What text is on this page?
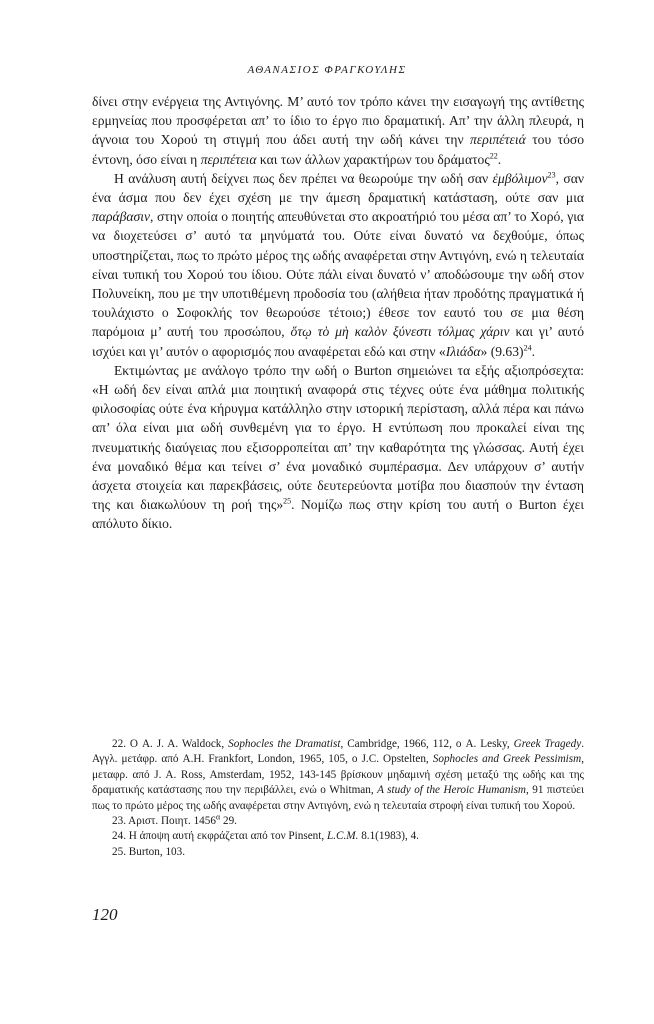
ΑΘΑΝΑΣΙΟΣ ΦΡΑΓΚΟΥΛΗΣ

δίνει στην ενέργεια της Αντιγόνης. Μ’ αυτό τον τρόπο κάνει την εισαγωγή της αντίθετης ερμηνείας που προσφέρεται απ’ το ίδιο το έργο πιο δραματική. Απ’ την άλλη πλευρά, η άγνοια του Χορού τη στιγμή που άδει αυτή την ωδή κάνει την περιπέτειά του τόσο έντονη, όσο είναι η περιπέτεια και των άλλων χαρακτήρων του δράματος$^{22}$.

Η ανάλυση αυτή δείχνει πως δεν πρέπει να θεωρούμε την ωδή σαν ἐμβόλιμον$^{23}$, σαν ένα άσμα που δεν έχει σχέση με την άμεση δραματική κατάσταση, ούτε σαν μια παράβασιν, στην οποία ο ποιητής απευθύνεται στο ακροατήριό του μέσα απ’ το Χορό, για να διοχετεύσει σ’ αυτό τα μηνύματά του. Ούτε είναι δυνατό να δεχθούμε, όπως υποστηρίζεται, πως το πρώτο μέρος της ωδής αναφέρεται στην Αντιγόνη, ενώ η τελευταία είναι τυπική του Χορού του ίδιου. Ούτε πάλι είναι δυνατό ν’ αποδώσουμε την ωδή στον Πολυνείκη, που με την υποτιθέμενη προδοσία του (αλήθεια ήταν προδότης πραγματικά ή τουλάχιστο ο Σοφοκλής τον θεωρούσε τέτοιο;) έθεσε τον εαυτό του σε μια θέση παρόμοια μ’ αυτή του προσώπου, ὅτῳ τὸ μὴ καλὸν ξύνεστι τόλμας χάριν και γι’ αυτό ισχύει και γι’ αυτόν ο αφορισμός που αναφέρεται εδώ και στην «Ιλιάδα» $(9.63)^{24}$.

Εκτιμώντας με ανάλογο τρόπο την ωδή ο Burton σημειώνει τα εξής αξιοπρόσεχτα: «Η ωδή δεν είναι απλά μια ποιητική αναφορά στις τέχνες ούτε ένα μάθημα πολιτικής φιλοσοφίας ούτε ένα κήρυγμα κατάλληλο στην ιστορική περίσταση, αλλά πέρα και πάνω απ’ όλα είναι μια ωδή συνθεμένη για το έργο. Η εντύπωση που προκαλεί είναι της πνευματικής διαύγειας που εξισορροπείται απ’ την καθαρότητα της γλώσσας. Αυτή έχει ένα μοναδικό θέμα και τείνει σ’ ένα μοναδικό συμπέρασμα. Δεν υπάρχουν σ’ αυτήν άσχετα στοιχεία και παρεκβάσεις, ούτε δευτερεύοντα μοτίβα που διασπούν την ένταση της και διακωλύουν τη ροή της»$^{25}$. Νομίζω πως στην κρίση του αυτή ο Burton έχει απόλυτο δίκιο.

22. Ο A. J. A. Waldock, Sophocles the Dramatist, Cambridge, 1966, 112, ο A. Lesky, Greek Tragedy. Αγγλ. μετάφρ. από A.H. Frankfort, London, 1965, 105, ο J.C. Opstelten, Sophocles and Greek Pessimism, μεταφρ. από J. A. Ross, Amsterdam, 1952, 143-145 βρίσκουν μηδαμινή σχέση μεταξύ της ωδής και της δραματικής κατάστασης που την περιβάλλει, ενώ ο Whitman, A study of the Heroic Humanism, 91 πιστεύει πως το πρώτο μέρος της ωδής αναφέρεται στην Αντιγόνη, ενώ η τελευταία στροφή είναι τυπική του Χορού.

23. Αριστ. Ποιητ. $1456^\alpha$ 29.

24. Η άποψη αυτή εκφράζεται από τον Pinsent, L.C.M. 8.1(1983), 4.

25. Burton, 103.

120
